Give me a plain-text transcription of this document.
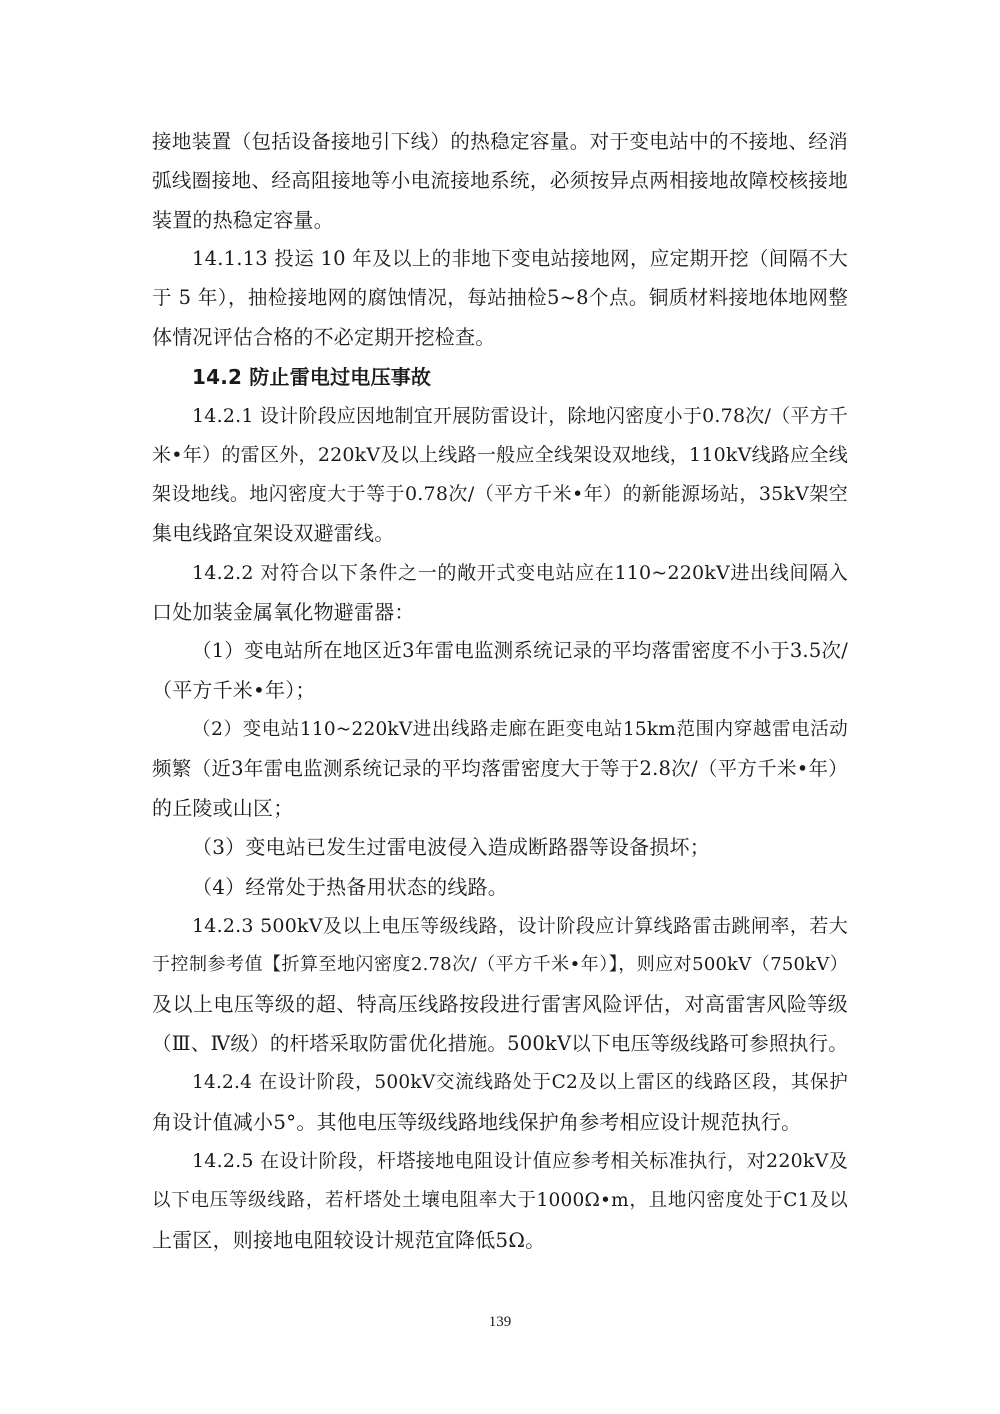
接地装置（包括设备接地引下线）的热稳定容量。对于变电站中的不接地、经消
弧线圈接地、经高阻接地等小电流接地系统，必须按异点两相接地故障校核接地
装置的热稳定容量。
14.1.13 投运 10 年及以上的非地下变电站接地网，应定期开挖（间隔不大
于 5 年），抽检接地网的腐蚀情况，每站抽检5~8个点。铜质材料接地体地网整
体情况评估合格的不必定期开挖检查。
14.2 防止雷电过电压事故
14.2.1 设计阶段应因地制宜开展防雷设计，除地闪密度小于0.78次/（平方千
米•年）的雷区外，220kV及以上线路一般应全线架设双地线，110kV线路应全线
架设地线。地闪密度大于等于0.78次/（平方千米•年）的新能源场站，35kV架空
集电线路宜架设双避雷线。
14.2.2 对符合以下条件之一的敞开式变电站应在110~220kV进出线间隔入
口处加装金属氧化物避雷器：
（1）变电站所在地区近3年雷电监测系统记录的平均落雷密度不小于3.5次/
（平方千米•年）；
（2）变电站110~220kV进出线路走廊在距变电站15km范围内穿越雷电活动
频繁（近3年雷电监测系统记录的平均落雷密度大于等于2.8次/（平方千米•年）
的丘陵或山区；
（3）变电站已发生过雷电波侵入造成断路器等设备损坏；
（4）经常处于热备用状态的线路。
14.2.3 500kV及以上电压等级线路，设计阶段应计算线路雷击跳闸率，若大
于控制参考值【折算至地闪密度2.78次/（平方千米•年）】，则应对500kV（750kV）
及以上电压等级的超、特高压线路按段进行雷害风险评估，对高雷害风险等级
（Ⅲ、Ⅳ级）的杆塔采取防雷优化措施。500kV以下电压等级线路可参照执行。
14.2.4 在设计阶段，500kV交流线路处于C2及以上雷区的线路区段，其保护
角设计值减小5°。其他电压等级线路地线保护角参考相应设计规范执行。
14.2.5 在设计阶段，杆塔接地电阻设计值应参考相关标准执行，对220kV及
以下电压等级线路，若杆塔处土壤电阻率大于1000Ω•m，且地闪密度处于C1及以
上雷区，则接地电阻较设计规范宜降低5Ω。
139
